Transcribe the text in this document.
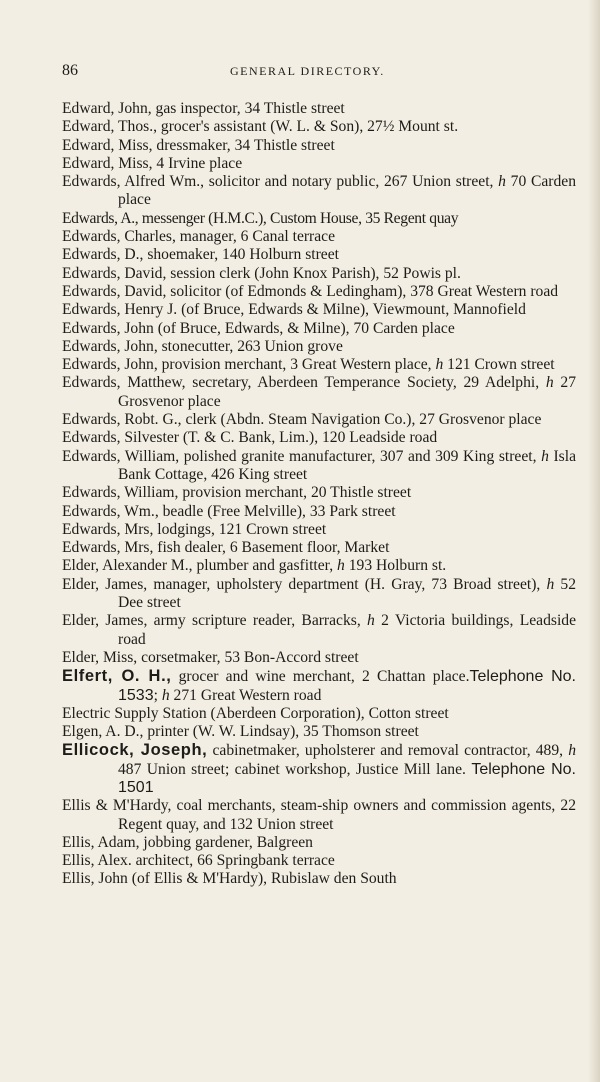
86	GENERAL DIRECTORY.
Edward, John, gas inspector, 34 Thistle street
Edward, Thos., grocer's assistant (W. L. & Son), 27½ Mount st.
Edward, Miss, dressmaker, 34 Thistle street
Edward, Miss, 4 Irvine place
Edwards, Alfred Wm., solicitor and notary public, 267 Union street, h 70 Carden place
Edwards, A., messenger (H.M.C.), Custom House, 35 Regent quay
Edwards, Charles, manager, 6 Canal terrace
Edwards, D., shoemaker, 140 Holburn street
Edwards, David, session clerk (John Knox Parish), 52 Powis pl.
Edwards, David, solicitor (of Edmonds & Ledingham), 378 Great Western road
Edwards, Henry J. (of Bruce, Edwards & Milne), Viewmount, Mannofield
Edwards, John (of Bruce, Edwards, & Milne), 70 Carden place
Edwards, John, stonecutter, 263 Union grove
Edwards, John, provision merchant, 3 Great Western place, h 121 Crown street
Edwards, Matthew, secretary, Aberdeen Temperance Society, 29 Adelphi, h 27 Grosvenor place
Edwards, Robt. G., clerk (Abdn. Steam Navigation Co.), 27 Grosvenor place
Edwards, Silvester (T. & C. Bank, Lim.), 120 Leadside road
Edwards, William, polished granite manufacturer, 307 and 309 King street, h Isla Bank Cottage, 426 King street
Edwards, William, provision merchant, 20 Thistle street
Edwards, Wm., beadle (Free Melville), 33 Park street
Edwards, Mrs, lodgings, 121 Crown street
Edwards, Mrs, fish dealer, 6 Basement floor, Market
Elder, Alexander M., plumber and gasfitter, h 193 Holburn st.
Elder, James, manager, upholstery department (H. Gray, 73 Broad street), h 52 Dee street
Elder, James, army scripture reader, Barracks, h 2 Victoria buildings, Leadside road
Elder, Miss, corsetmaker, 53 Bon-Accord street
Elfert, O. H., grocer and wine merchant, 2 Chattan place.Telephone No. 1533; h 271 Great Western road
Electric Supply Station (Aberdeen Corporation), Cotton street
Elgen, A. D., printer (W. W. Lindsay), 35 Thomson street
Ellicock, Joseph, cabinetmaker, upholsterer and removal contractor, 489, h 487 Union street; cabinet workshop, Justice Mill lane. Telephone No. 1501
Ellis & M'Hardy, coal merchants, steam-ship owners and commission agents, 22 Regent quay, and 132 Union street
Ellis, Adam, jobbing gardener, Balgreen
Ellis, Alex. architect, 66 Springbank terrace
Ellis, John (of Ellis & M'Hardy), Rubislaw den South
